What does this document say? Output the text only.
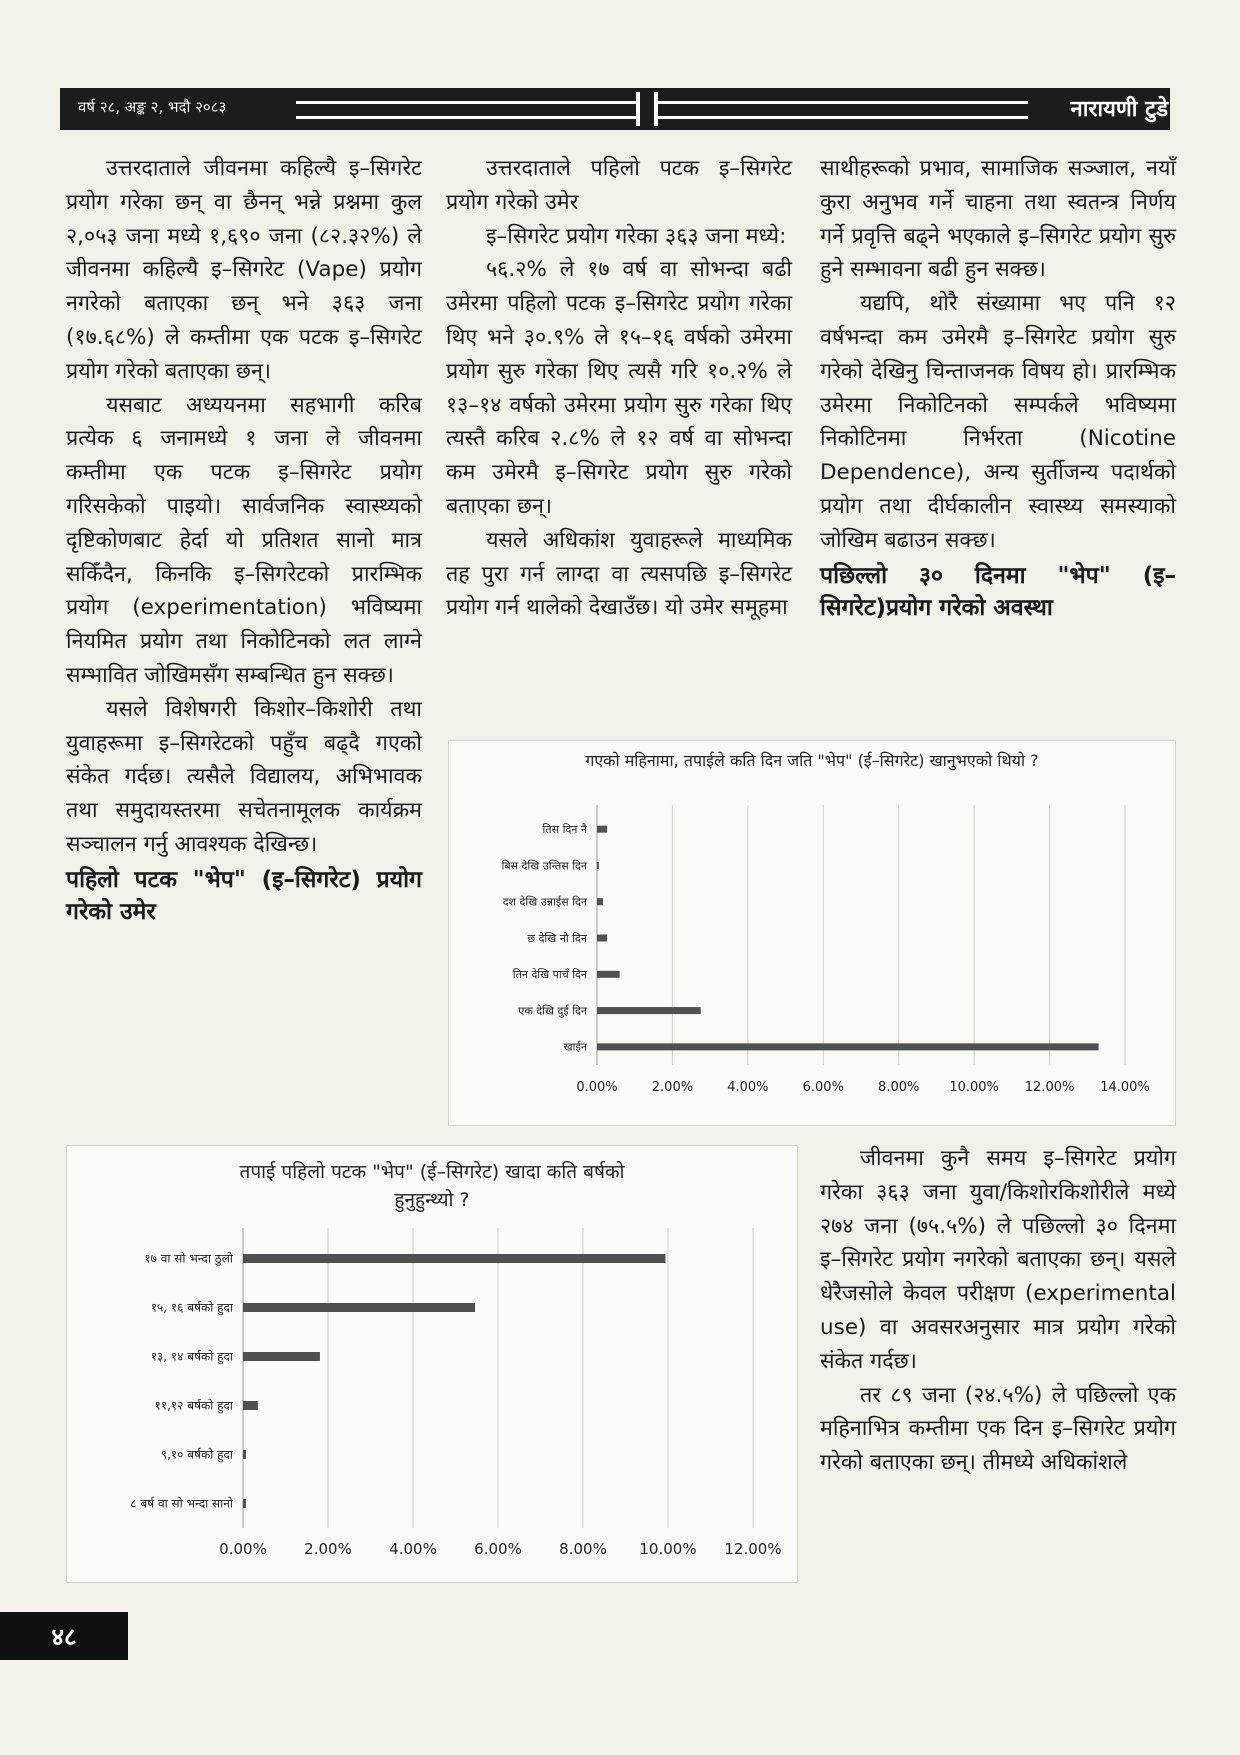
वर्ष २८, अङ्क २, भदौ २०८३	नारायणी टुडे

उत्तरदाताले जीवनमा कहिल्यै इ–सिगरेट प्रयोग गरेका छन् वा छैनन् भन्ने प्रश्नमा कुल २,०५३ जना मध्ये १,६९० जना (८२.३२%) ले जीवनमा कहिल्यै इ–सिगरेट (Vape) प्रयोग नगरेको बताएका छन् भने ३६३ जना (१७.६८%) ले कम्तीमा एक पटक इ–सिगरेट प्रयोग गरेको बताएका छन्।

यसबाट अध्ययनमा सहभागी करिब प्रत्येक ६ जनामध्ये १ जना ले जीवनमा कम्तीमा एक पटक इ–सिगरेट प्रयोग गरिसकेको पाइयो। सार्वजनिक स्वास्थ्यको दृष्टिकोणबाट हेर्दा यो प्रतिशत सानो मात्र सकिँदैन, किनकि इ–सिगरेटको प्रारम्भिक प्रयोग (experimentation) भविष्यमा नियमित प्रयोग तथा निकोटिनको लत लाग्ने सम्भावित जोखिमसँग सम्बन्धित हुन सक्छ।

यसले विशेषगरी किशोर–किशोरी तथा युवाहरूमा इ–सिगरेटको पहुँच बढ्दै गएको संकेत गर्दछ। त्यसैले विद्यालय, अभिभावक तथा समुदायस्तरमा सचेतनामूलक कार्यक्रम सञ्चालन गर्नु आवश्यक देखिन्छ।

पहिलो पटक "भेप" (इ–सिगरेट) प्रयोग गरेको उमेर

उत्तरदाताले पहिलो पटक इ–सिगरेट प्रयोग गरेको उमेर

इ–सिगरेट प्रयोग गरेका ३६३ जना मध्ये:

५६.२% ले १७ वर्ष वा सोभन्दा बढी उमेरमा पहिलो पटक इ–सिगरेट प्रयोग गरेका थिए भने ३०.९% ले १५–१६ वर्षको उमेरमा प्रयोग सुरु गरेका थिए त्यसै गरि १०.२% ले १३–१४ वर्षको उमेरमा प्रयोग सुरु गरेका थिए त्यस्तै करिब २.८% ले १२ वर्ष वा सोभन्दा कम उमेरमै इ–सिगरेट प्रयोग सुरु गरेको बताएका छन्।

यसले अधिकांश युवाहरूले माध्यमिक तह पुरा गर्न लाग्दा वा त्यसपछि इ–सिगरेट प्रयोग गर्न थालेको देखाउँछ। यो उमेर समूहमा

साथीहरूको प्रभाव, सामाजिक सञ्जाल, नयाँ कुरा अनुभव गर्ने चाहना तथा स्वतन्त्र निर्णय गर्ने प्रवृत्ति बढ्ने भएकाले इ–सिगरेट प्रयोग सुरु हुने सम्भावना बढी हुन सक्छ।

यद्यपि, थोरै संख्यामा भए पनि १२ वर्षभन्दा कम उमेरमै इ–सिगरेट प्रयोग सुरु गरेको देखिनु चिन्ताजनक विषय हो। प्रारम्भिक उमेरमा निकोटिनको सम्पर्कले भविष्यमा निकोटिनमा निर्भरता (Nicotine Dependence), अन्य सुर्तीजन्य पदार्थको प्रयोग तथा दीर्घकालीन स्वास्थ्य समस्याको जोखिम बढाउन सक्छ।

पछिल्लो ३० दिनमा "भेप" (इ–सिगरेट)प्रयोग गरेको अवस्था
गएको महिनामा, तपाईले कति दिन जति "भेप" (ई–सिगरेट) खानुभएको थियो ?
0.00%	2.00%	4.00%	6.00%	8.00% 10.00% 12.00% 14.00%
तिस दिन नै
बिस देखि उन्तिस दिन
दश देखि उन्नाईस दिन
छ देखि नौ दिन
तिन देखि पाचँ दिन
एक देखि दुई दिन
खाईन

जीवनमा कुनै समय इ–सिगरेट प्रयोग गरेका ३६३ जना युवा/किशोरकिशोरीले मध्ये २७४ जना (७५.५%) ले पछिल्लो ३० दिनमा इ–सिगरेट प्रयोग नगरेको बताएका छन्। यसले धेरैजसोले केवल परीक्षण (experimental use) वा अवसरअनुसार मात्र प्रयोग गरेको संकेत गर्दछ।

तर ८९ जना (२४.५%) ले पछिल्लो एक महिनाभित्र कम्तीमा एक दिन इ–सिगरेट प्रयोग गरेको बताएका छन्। तीमध्ये अधिकांशले

तपाई पहिलो पटक "भेप" (ई–सिगरेट) खादा कति बर्षको हुनुहुन्थ्यो ?
0.00% 2.00% 4.00% 6.00% 8.00% 10.00% 12.00%
१७ वा सो भन्दा ठुलो
१५, १६ बर्षको हुदा
१३, १४ बर्षको हुदा
११,१२ बर्षको हुदा
९,१० बर्षको हुदा
८ बर्ष वा सो भन्दा सानो
४८
